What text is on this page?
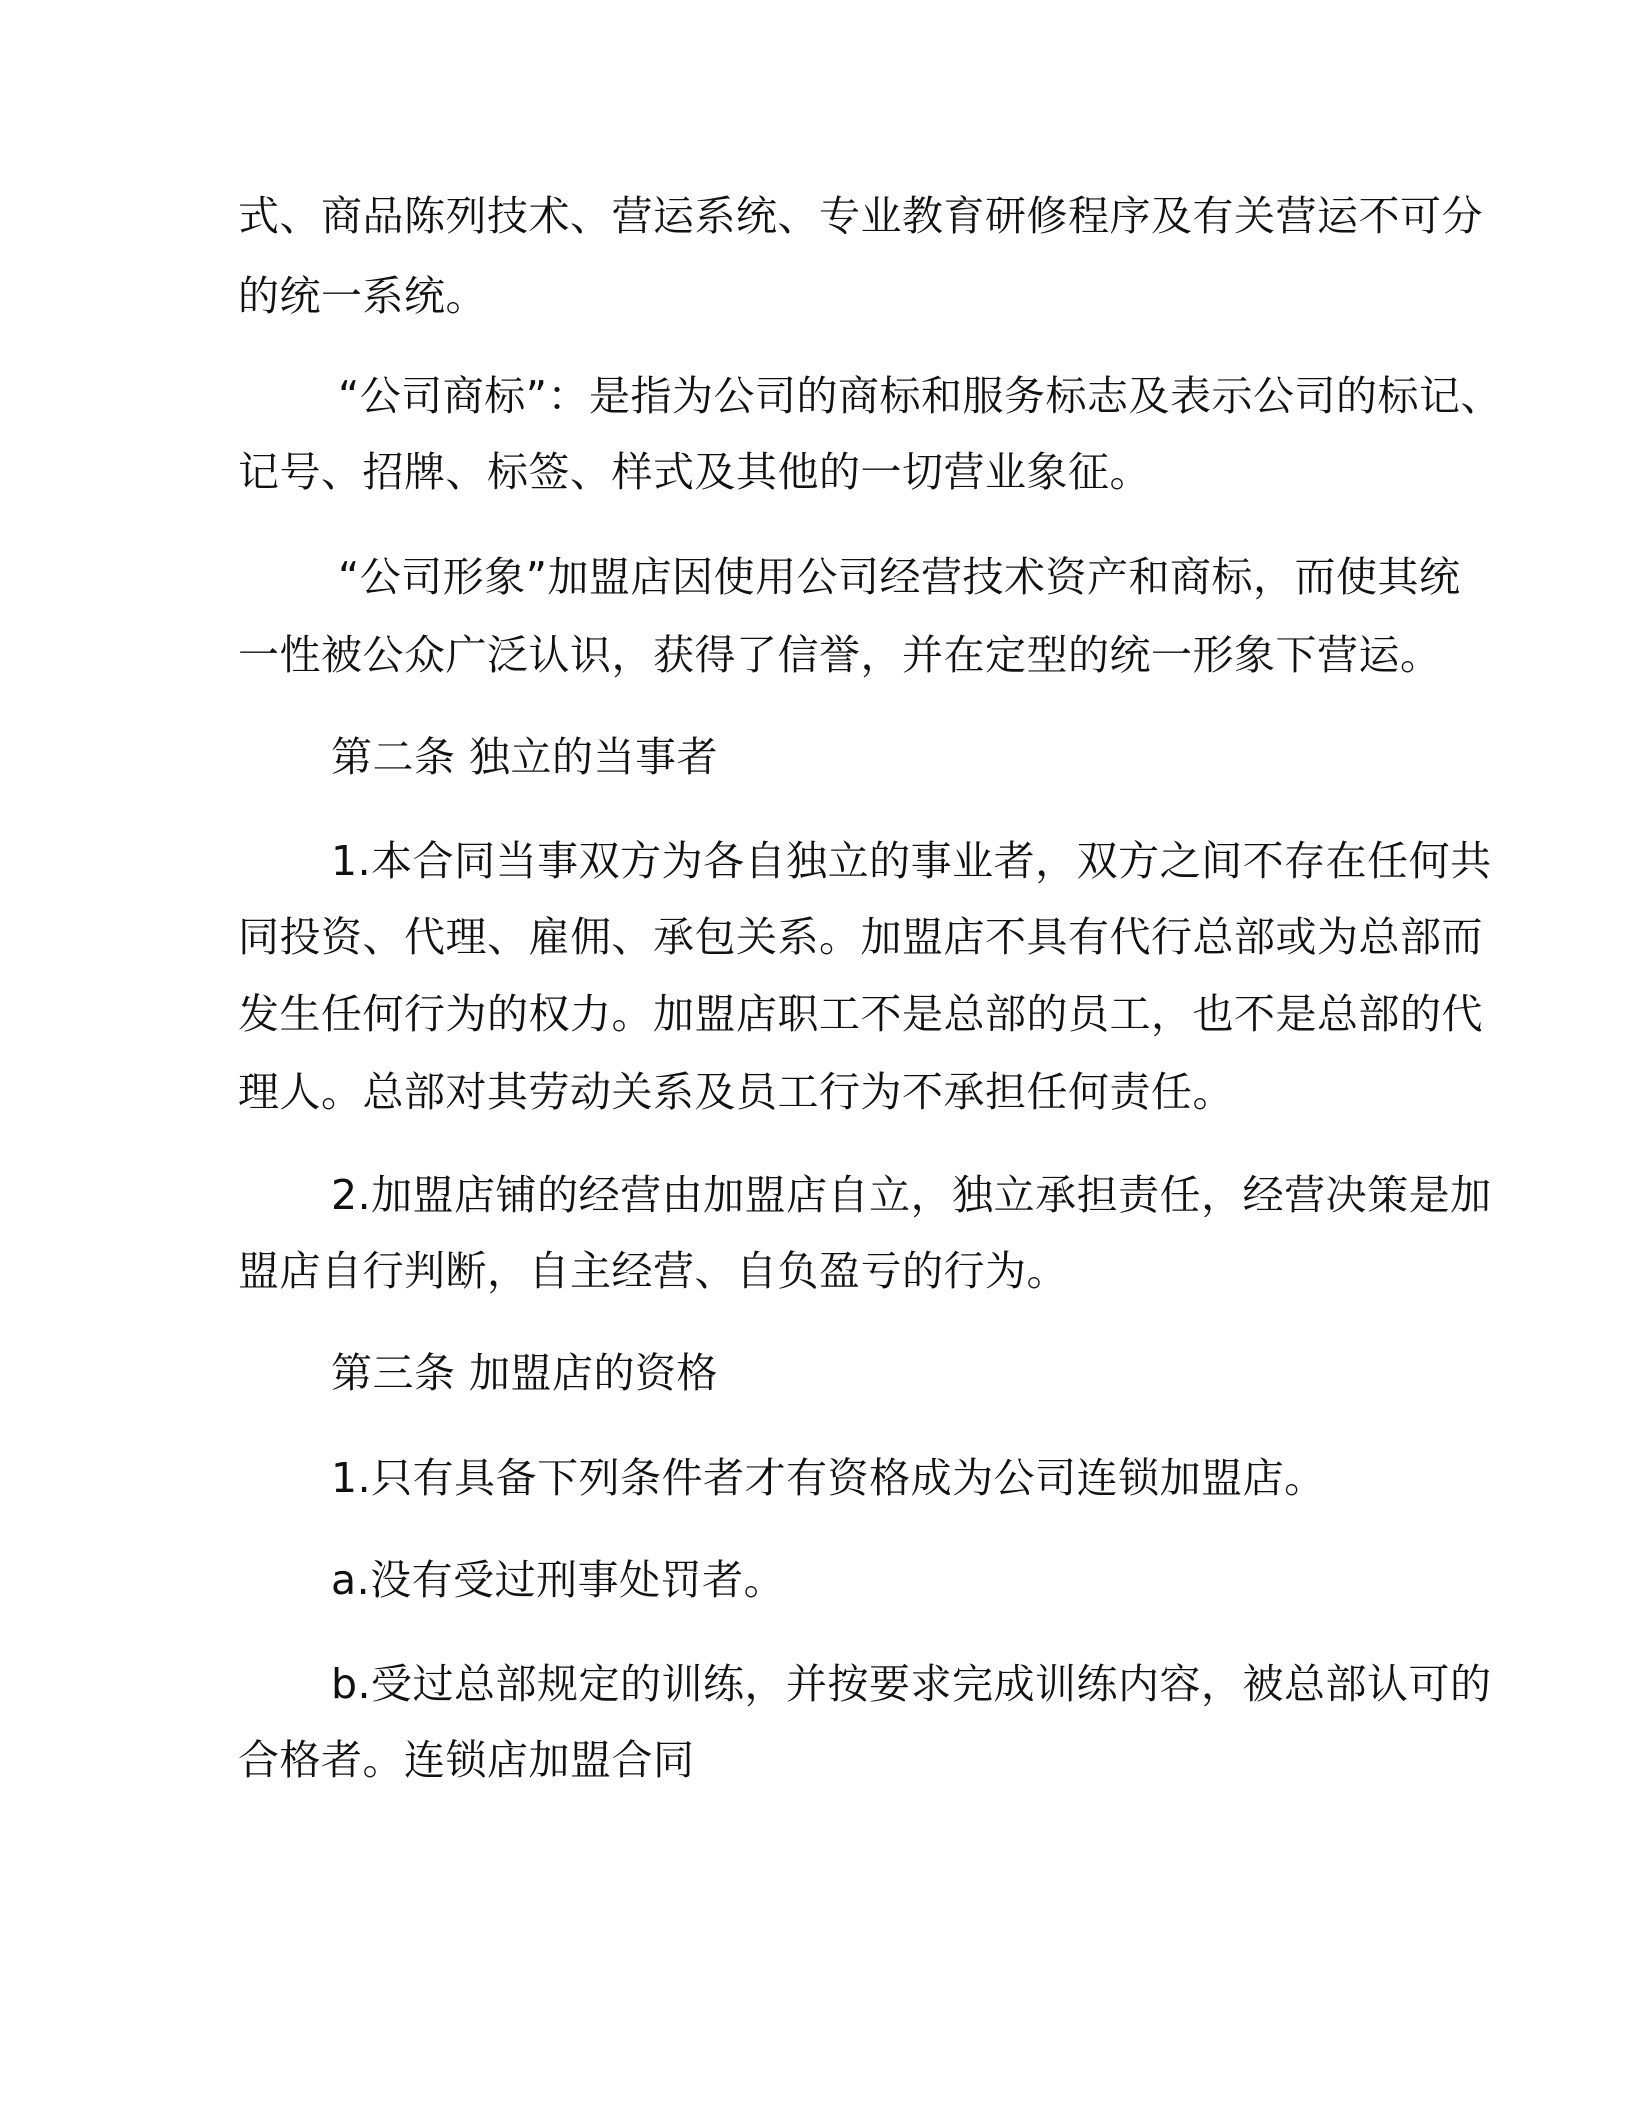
式、商品陈列技术、营运系统、专业教育研修程序及有关营运不可分
的统一系统。
“公司商标”：是指为公司的商标和服务标志及表示公司的标记、
记号、招牌、标签、样式及其他的一切营业象征。
“公司形象”加盟店因使用公司经营技术资产和商标，而使其统
一性被公众广泛认识，获得了信誉，并在定型的统一形象下营运。
第二条 独立的当事者
1.本合同当事双方为各自独立的事业者，双方之间不存在任何共
同投资、代理、雇佣、承包关系。加盟店不具有代行总部或为总部而
发生任何行为的权力。加盟店职工不是总部的员工，也不是总部的代
理人。总部对其劳动关系及员工行为不承担任何责任。
2.加盟店铺的经营由加盟店自立，独立承担责任，经营决策是加
盟店自行判断，自主经营、自负盈亏的行为。
第三条 加盟店的资格
1.只有具备下列条件者才有资格成为公司连锁加盟店。
a.没有受过刑事处罚者。
b.受过总部规定的训练，并按要求完成训练内容，被总部认可的
合格者。连锁店加盟合同
